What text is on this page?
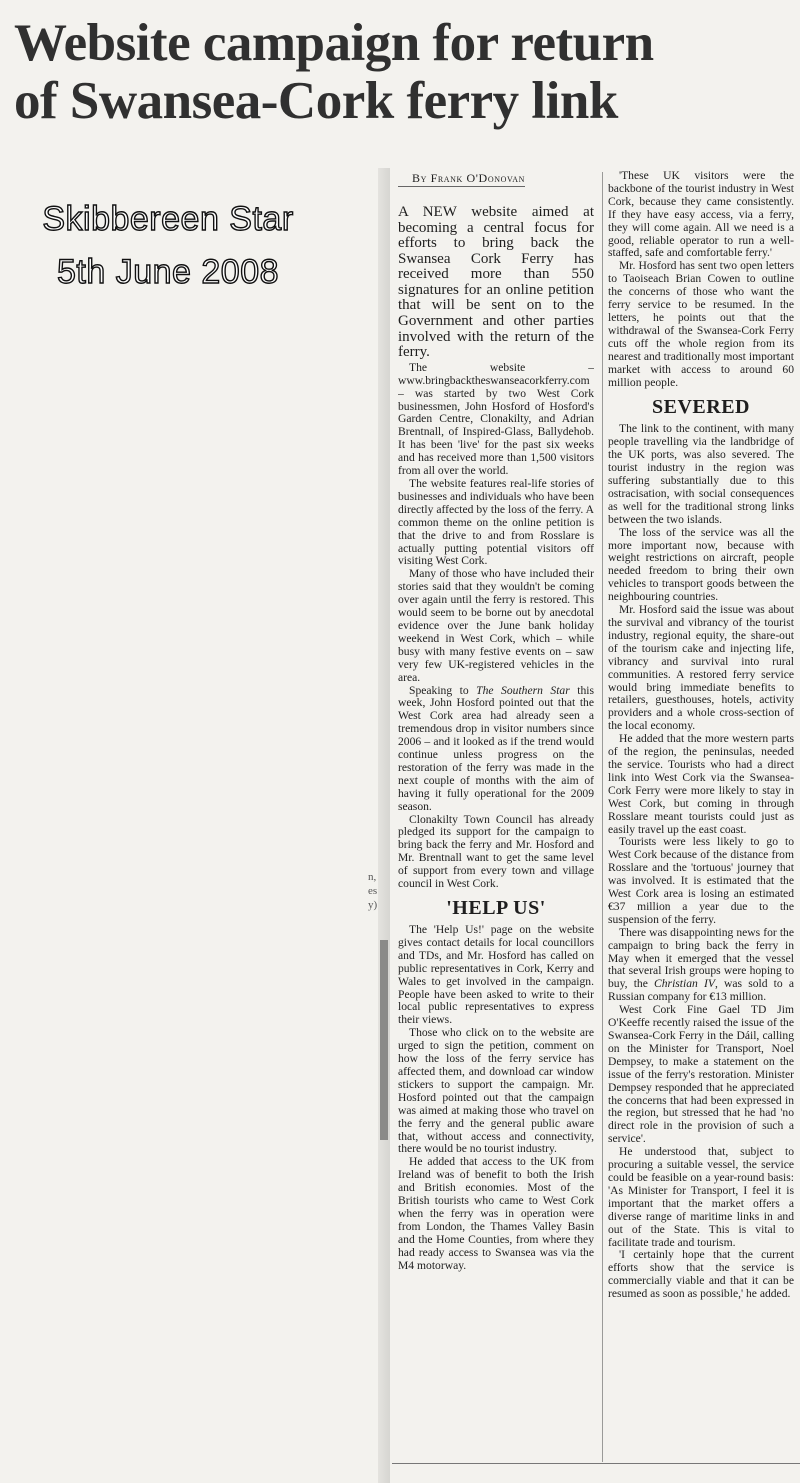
Website campaign for return
of Swansea-Cork ferry link
Skibbereen Star
5th June 2008
n,
es
y)
By Frank O'Donovan

A NEW website aimed at becoming a central focus for efforts to bring back the Swansea Cork Ferry has received more than 550 signatures for an online petition that will be sent on to the Government and other parties involved with the return of the ferry.

The website – www.bringbacktheswanseacorkferry.com – was started by two West Cork businessmen, John Hosford of Hosford's Garden Centre, Clonakilty, and Adrian Brentnall, of Inspired-Glass, Ballydehob. It has been 'live' for the past six weeks and has received more than 1,500 visitors from all over the world.

The website features real-life stories of businesses and individuals who have been directly affected by the loss of the ferry. A common theme on the online petition is that the drive to and from Rosslare is actually putting potential visitors off visiting West Cork.

Many of those who have included their stories said that they wouldn't be coming over again until the ferry is restored. This would seem to be borne out by anecdotal evidence over the June bank holiday weekend in West Cork, which – while busy with many festive events on – saw very few UK-registered vehicles in the area.

Speaking to The Southern Star this week, John Hosford pointed out that the West Cork area had already seen a tremendous drop in visitor numbers since 2006 – and it looked as if the trend would continue unless progress on the restoration of the ferry was made in the next couple of months with the aim of having it fully operational for the 2009 season.

Clonakilty Town Council has already pledged its support for the campaign to bring back the ferry and Mr. Hosford and Mr. Brentnall want to get the same level of support from every town and village council in West Cork.

'HELP US'

The 'Help Us!' page on the website gives contact details for local councillors and TDs, and Mr. Hosford has called on public representatives in Cork, Kerry and Wales to get involved in the campaign. People have been asked to write to their local public representatives to express their views.

Those who click on to the website are urged to sign the petition, comment on how the loss of the ferry service has affected them, and download car window stickers to support the campaign. Mr. Hosford pointed out that the campaign was aimed at making those who travel on the ferry and the general public aware that, without access and connectivity, there would be no tourist industry.

He added that access to the UK from Ireland was of benefit to both the Irish and British economies. Most of the British tourists who came to West Cork when the ferry was in operation were from London, the Thames Valley Basin and the Home Counties, from where they had ready access to Swansea was via the M4 motorway.

'These UK visitors were the backbone of the tourist industry in West Cork, because they came consistently. If they have easy access, via a ferry, they will come again. All we need is a good, reliable operator to run a well-staffed, safe and comfortable ferry.'

Mr. Hosford has sent two open letters to Taoiseach Brian Cowen to outline the concerns of those who want the ferry service to be resumed. In the letters, he points out that the withdrawal of the Swansea-Cork Ferry cuts off the whole region from its nearest and traditionally most important market with access to around 60 million people.

SEVERED

The link to the continent, with many people travelling via the landbridge of the UK ports, was also severed. The tourist industry in the region was suffering substantially due to this ostracisation, with social consequences as well for the traditional strong links between the two islands.

The loss of the service was all the more important now, because with weight restrictions on aircraft, people needed freedom to bring their own vehicles to transport goods between the neighbouring countries.

Mr. Hosford said the issue was about the survival and vibrancy of the tourist industry, regional equity, the share-out of the tourism cake and injecting life, vibrancy and survival into rural communities. A restored ferry service would bring immediate benefits to retailers, guesthouses, hotels, activity providers and a whole cross-section of the local economy.

He added that the more western parts of the region, the peninsulas, needed the service. Tourists who had a direct link into West Cork via the Swansea-Cork Ferry were more likely to stay in West Cork, but coming in through Rosslare meant tourists could just as easily travel up the east coast.

Tourists were less likely to go to West Cork because of the distance from Rosslare and the 'tortuous' journey that was involved. It is estimated that the West Cork area is losing an estimated €37 million a year due to the suspension of the ferry.

There was disappointing news for the campaign to bring back the ferry in May when it emerged that the vessel that several Irish groups were hoping to buy, the Christian IV, was sold to a Russian company for €13 million.

West Cork Fine Gael TD Jim O'Keeffe recently raised the issue of the Swansea-Cork Ferry in the Dáil, calling on the Minister for Transport, Noel Dempsey, to make a statement on the issue of the ferry's restoration. Minister Dempsey responded that he appreciated the concerns that had been expressed in the region, but stressed that he had 'no direct role in the provision of such a service'.

He understood that, subject to procuring a suitable vessel, the service could be feasible on a year-round basis: 'As Minister for Transport, I feel it is important that the market offers a diverse range of maritime links in and out of the State. This is vital to facilitate trade and tourism.

'I certainly hope that the current efforts show that the service is commercially viable and that it can be resumed as soon as possible,' he added.
